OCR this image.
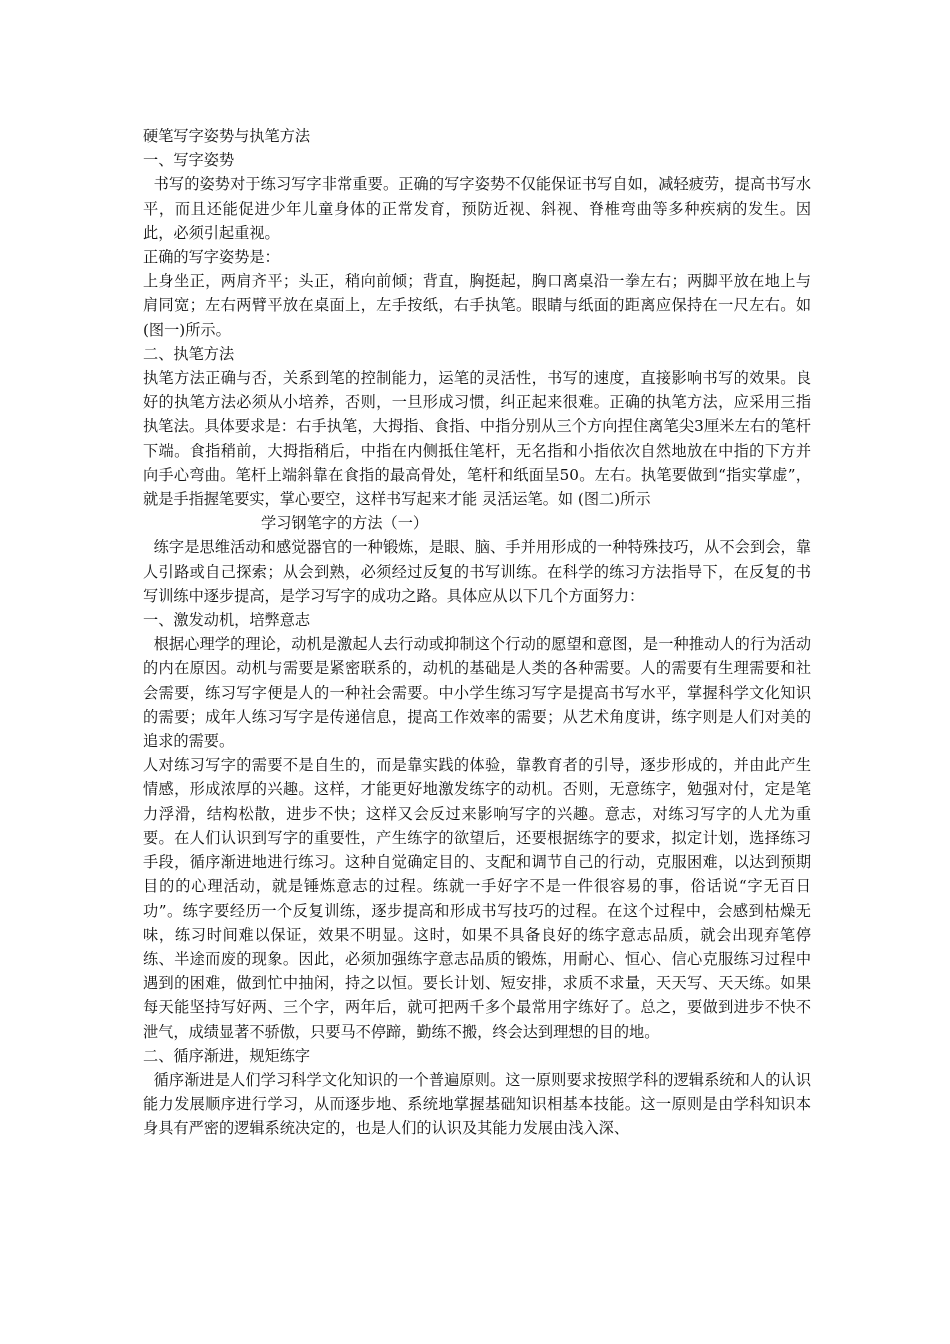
硬笔写字姿势与执笔方法

一、写字姿势

书写的姿势对于练习写字非常重要。正确的写字姿势不仅能保证书写自如，减轻疲劳，提高书写水平，而且还能促进少年儿童身体的正常发育，预防近视、斜视、脊椎弯曲等多种疾病的发生。因此，必须引起重视。

正确的写字姿势是：

上身坐正，两肩齐平；头正，稍向前倾；背直，胸挺起，胸口离桌沿一拳左右；两脚平放在地上与肩同宽；左右两臂平放在桌面上，左手按纸，右手执笔。眼睛与纸面的距离应保持在一尺左右。如(图一)所示。

二、执笔方法

执笔方法正确与否，关系到笔的控制能力，运笔的灵活性，书写的速度，直接影响书写的效果。良好的执笔方法必须从小培养，否则，一旦形成习惯，纠正起来很难。正确的执笔方法，应采用三指执笔法。具体要求是：右手执笔，大拇指、食指、中指分别从三个方向捏住离笔尖3厘米左右的笔杆下端。食指稍前，大拇指稍后，中指在内侧抵住笔杆，无名指和小指依次自然地放在中指的下方并向手心弯曲。笔杆上端斜靠在食指的最高骨处，笔杆和纸面呈50。左右。执笔要做到“指实掌虚”，就是手指握笔要实，掌心要空，这样书写起来才能 灵活运笔。如 (图二)所示

学习钢笔字的方法（一）

练字是思维活动和感觉器官的一种锻炼，是眼、脑、手并用形成的一种特殊技巧，从不会到会，靠人引路或自己探索；从会到熟，必须经过反复的书写训练。在科学的练习方法指导下，在反复的书写训练中逐步提高，是学习写字的成功之路。具体应从以下几个方面努力：

一、激发动机，培弊意志

根据心理学的理论，动机是激起人去行动或抑制这个行动的愿望和意图，是一种推动人的行为活动的内在原因。动机与需要是紧密联系的，动机的基础是人类的各种需要。人的需要有生理需要和社会需要，练习写字便是人的一种社会需要。中小学生练习写字是提高书写水平，掌握科学文化知识的需要；成年人练习写字是传递信息，提高工作效率的需要；从艺术角度讲，练字则是人们对美的追求的需要。

人对练习写字的需要不是自生的，而是靠实践的体验，靠教育者的引导，逐步形成的，并由此产生情感，形成浓厚的兴趣。这样，才能更好地激发练字的动机。否则，无意练字，勉强对付，定是笔力浮滑，结构松散，进步不快；这样又会反过来影响写字的兴趣。意志，对练习写字的人尤为重要。在人们认识到写字的重要性，产生练字的欲望后，还要根据练字的要求，拟定计划，选择练习手段，循序渐进地进行练习。这种自觉确定目的、支配和调节自己的行动，克服困难，以达到预期目的的心理活动，就是锤炼意志的过程。练就一手好字不是一件很容易的事，俗话说“字无百日功”。练字要经历一个反复训练，逐步提高和形成书写技巧的过程。在这个过程中，会感到枯燥无味，练习时间难以保证，效果不明显。这时，如果不具备良好的练字意志品质，就会出现弃笔停练、半途而废的现象。因此，必须加强练字意志品质的锻炼，用耐心、恒心、信心克服练习过程中遇到的困难，做到忙中抽闲，持之以恒。要长计划、短安排，求质不求量，天天写、天天练。如果每天能坚持写好两、三个字，两年后，就可把两千多个最常用字练好了。总之，要做到进步不快不泄气，成绩显著不骄傲，只要马不停蹄，勤练不搬，终会达到理想的目的地。

二、循序渐进，规矩练字

循序渐进是人们学习科学文化知识的一个普遍原则。这一原则要求按照学科的逻辑系统和人的认识能力发展顺序进行学习，从而逐步地、系统地掌握基础知识相基本技能。这一原则是由学科知识本身具有严密的逻辑系统决定的，也是人们的认识及其能力发展由浅入深、
